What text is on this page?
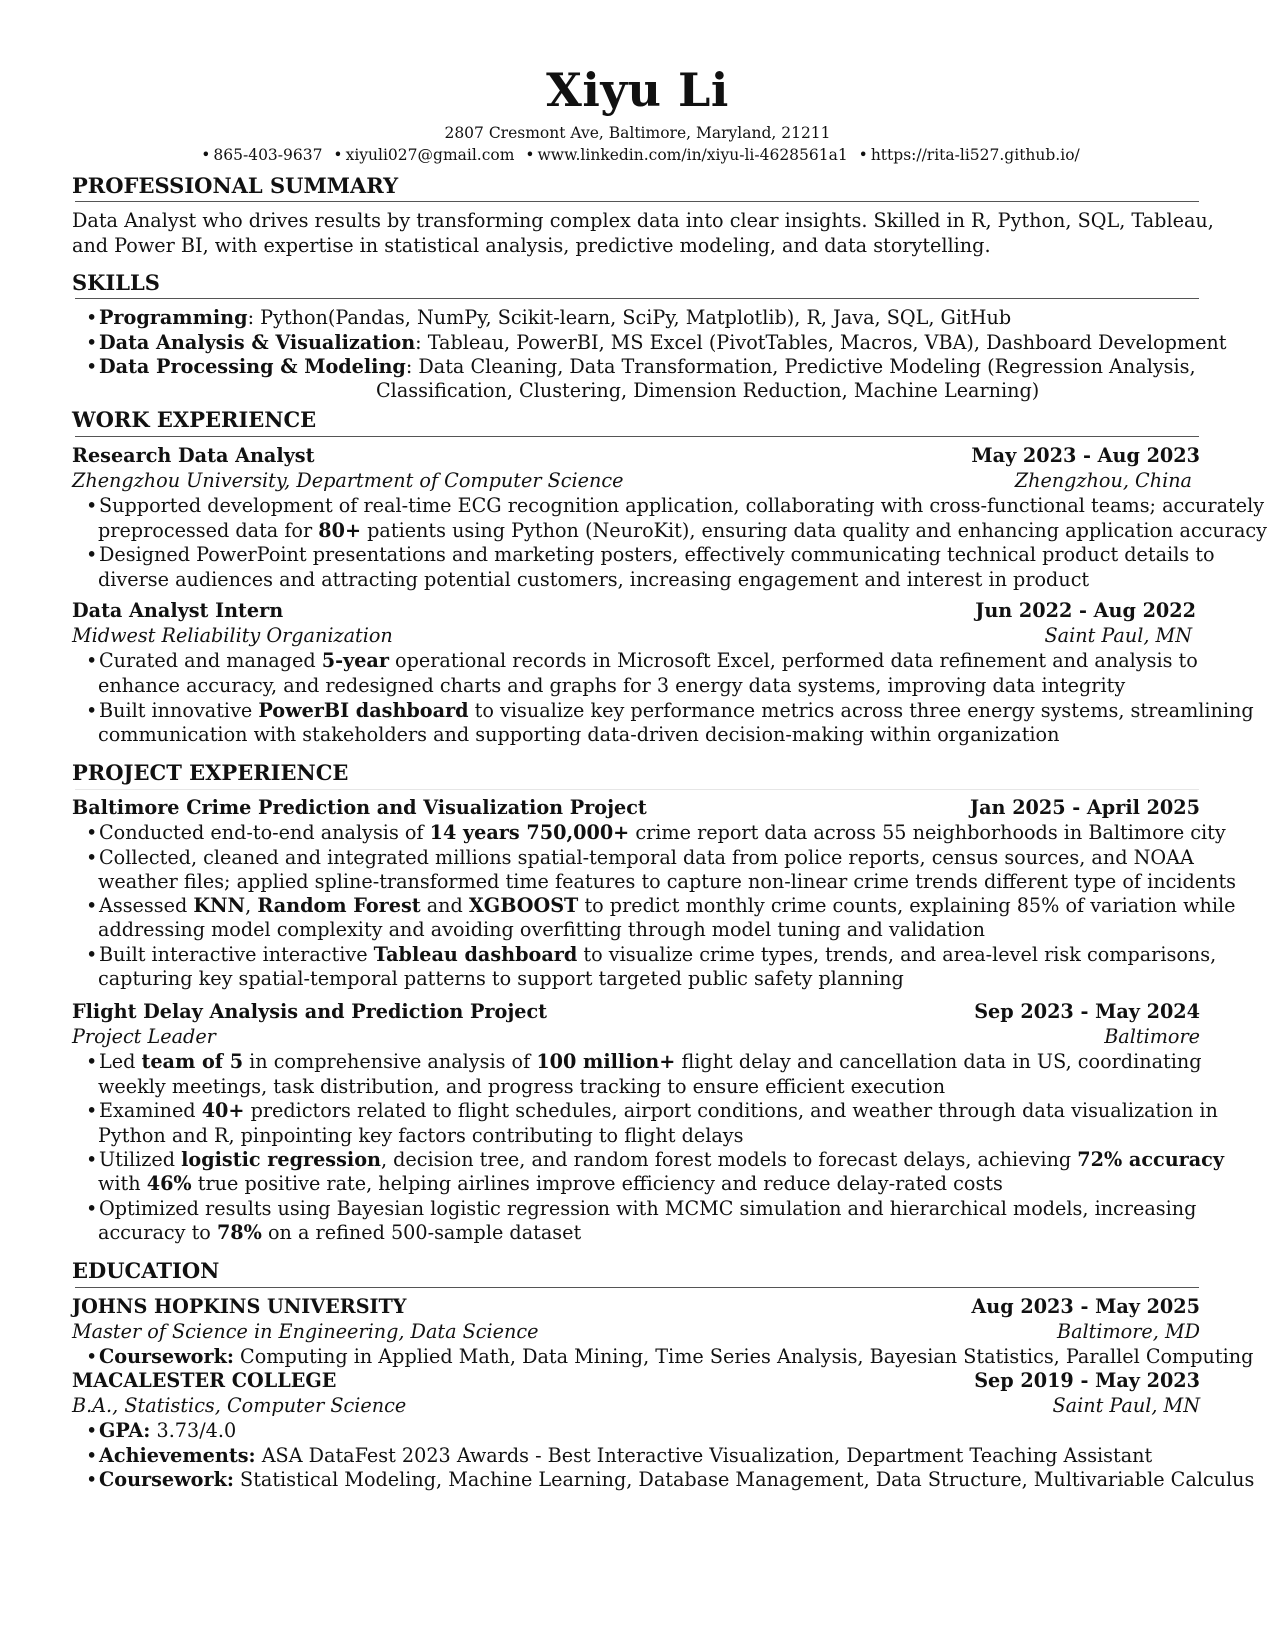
Xiyu Li
2807 Cresmont Ave, Baltimore, Maryland, 21211
• 865-403-9637 • xiyuli027@gmail.com • www.linkedin.com/in/xiyu-li-4628561a1 • https://rita-li527.github.io/
PROFESSIONAL SUMMARY
Data Analyst who drives results by transforming complex data into clear insights. Skilled in R, Python, SQL, Tableau,
and Power BI, with expertise in statistical analysis, predictive modeling, and data storytelling.
SKILLS
•Programming: Python(Pandas, NumPy, Scikit-learn, SciPy, Matplotlib), R, Java, SQL, GitHub
•Data Analysis & Visualization: Tableau, PowerBI, MS Excel (PivotTables, Macros, VBA), Dashboard Development
•Data Processing & Modeling: Data Cleaning, Data Transformation, Predictive Modeling (Regression Analysis,
Classification, Clustering, Dimension Reduction, Machine Learning)
WORK EXPERIENCE
Research Data Analyst	May 2023 - Aug 2023
Zhengzhou University, Department of Computer Science	Zhengzhou, China
•Supported development of real-time ECG recognition application, collaborating with cross-functional teams; accurately
preprocessed data for 80+ patients using Python (NeuroKit), ensuring data quality and enhancing application accuracy
•Designed PowerPoint presentations and marketing posters, effectively communicating technical product details to
diverse audiences and attracting potential customers, increasing engagement and interest in product
Data Analyst Intern	Jun 2022 - Aug 2022
Midwest Reliability Organization	Saint Paul, MN
•Curated and managed 5-year operational records in Microsoft Excel, performed data refinement and analysis to
enhance accuracy, and redesigned charts and graphs for 3 energy data systems, improving data integrity
•Built innovative PowerBI dashboard to visualize key performance metrics across three energy systems, streamlining
communication with stakeholders and supporting data-driven decision-making within organization
PROJECT EXPERIENCE
Baltimore Crime Prediction and Visualization Project	Jan 2025 - April 2025
•Conducted end-to-end analysis of 14 years 750,000+ crime report data across 55 neighborhoods in Baltimore city
•Collected, cleaned and integrated millions spatial-temporal data from police reports, census sources, and NOAA
weather files; applied spline-transformed time features to capture non-linear crime trends different type of incidents
•Assessed KNN, Random Forest and XGBOOST to predict monthly crime counts, explaining 85% of variation while
addressing model complexity and avoiding overfitting through model tuning and validation
•Built interactive interactive Tableau dashboard to visualize crime types, trends, and area-level risk comparisons,
capturing key spatial-temporal patterns to support targeted public safety planning
Flight Delay Analysis and Prediction Project	Sep 2023 - May 2024
Project Leader	Baltimore
•Led team of 5 in comprehensive analysis of 100 million+ flight delay and cancellation data in US, coordinating
weekly meetings, task distribution, and progress tracking to ensure efficient execution
•Examined 40+ predictors related to flight schedules, airport conditions, and weather through data visualization in
Python and R, pinpointing key factors contributing to flight delays
•Utilized logistic regression, decision tree, and random forest models to forecast delays, achieving 72% accuracy
with 46% true positive rate, helping airlines improve efficiency and reduce delay-rated costs
•Optimized results using Bayesian logistic regression with MCMC simulation and hierarchical models, increasing
accuracy to 78% on a refined 500-sample dataset
EDUCATION
JOHNS HOPKINS UNIVERSITY	Aug 2023 - May 2025
Master of Science in Engineering, Data Science	Baltimore, MD
•Coursework: Computing in Applied Math, Data Mining, Time Series Analysis, Bayesian Statistics, Parallel Computing
MACALESTER COLLEGE	Sep 2019 - May 2023
B.A., Statistics, Computer Science	Saint Paul, MN
•GPA: 3.73/4.0
•Achievements: ASA DataFest 2023 Awards - Best Interactive Visualization, Department Teaching Assistant
•Coursework: Statistical Modeling, Machine Learning, Database Management, Data Structure, Multivariable Calculus
